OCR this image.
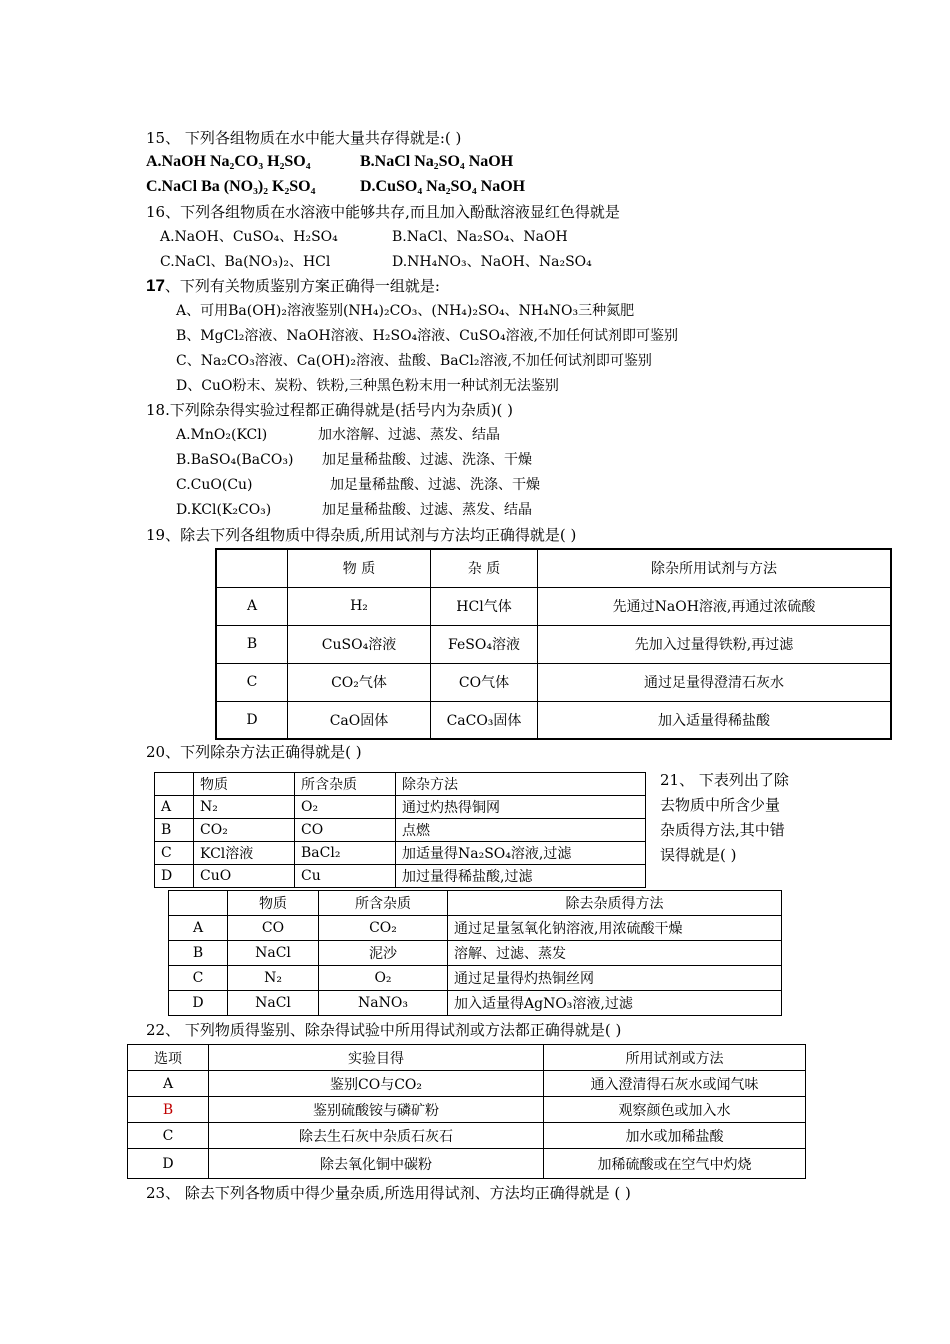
15、 下列各组物质在水中能大量共存得就是:( )
A.NaOH Na₂CO₃ H₂SO₄	B.NaCl Na₂SO₄ NaOH
C.NaCl Ba (NO₃)₂ K₂SO₄	D.CuSO₄ Na₂SO₄ NaOH
16、下列各组物质在水溶液中能够共存,而且加入酚酞溶液显红色得就是
A.NaOH、CuSO₄、H₂SO₄	B.NaCl、Na₂SO₄、NaOH
C.NaCl、Ba(NO₃)₂、HCl	D.NH₄NO₃、NaOH、Na₂SO₄
17、下列有关物质鉴别方案正确得一组就是:
A、可用Ba(OH)₂溶液鉴别(NH₄)₂CO₃、(NH₄)₂SO₄、NH₄NO₃三种氮肥
B、MgCl₂溶液、NaOH溶液、H₂SO₄溶液、CuSO₄溶液,不加任何试剂即可鉴别
C、Na₂CO₃溶液、Ca(OH)₂溶液、盐酸、BaCl₂溶液,不加任何试剂即可鉴别
D、CuO粉末、炭粉、铁粉,三种黑色粉末用一种试剂无法鉴别
18.下列除杂得实验过程都正确得就是(括号内为杂质)( )
A.MnO₂(KCl)	加水溶解、过滤、蒸发、结晶
B.BaSO₄(BaCO₃) 加足量稀盐酸、过滤、洗涤、干燥
C.CuO(Cu)	加足量稀盐酸、过滤、洗涤、干燥
D.KCl(K₂CO₃)	加足量稀盐酸、过滤、蒸发、结晶
19、除去下列各组物质中得杂质,所用试剂与方法均正确得就是( )
	物 质	杂 质	除杂所用试剂与方法
A	H₂	HCl气体	先通过NaOH溶液,再通过浓硫酸
B	CuSO₄溶液	FeSO₄溶液	先加入过量得铁粉,再过滤
C	CO₂气体	CO气体	通过足量得澄清石灰水
D	CaO固体	CaCO₃固体	加入适量得稀盐酸
20、下列除杂方法正确得就是( )
	物质	所含杂质	除杂方法
A	N₂	O₂	通过灼热得铜网
B	CO₂	CO	点燃
C	KCl溶液	BaCl₂	加适量得Na₂SO₄溶液,过滤
D	CuO	Cu	加过量得稀盐酸,过滤
21、 下表列出了除
去物质中所含少量
杂质得方法,其中错
误得就是( )
	物质	所含杂质	除去杂质得方法
A	CO	CO₂	通过足量氢氧化钠溶液,用浓硫酸干燥
B	NaCl	泥沙	溶解、过滤、蒸发
C	N₂	O₂	通过足量得灼热铜丝网
D	NaCl	NaNO₃	加入适量得AgNO₃溶液,过滤
22、 下列物质得鉴别、除杂得试验中所用得试剂或方法都正确得就是( )
选项	实验目得	所用试剂或方法
A	鉴别CO与CO₂	通入澄清得石灰水或闻气味
B	鉴别硫酸铵与磷矿粉	观察颜色或加入水
C	除去生石灰中杂质石灰石	加水或加稀盐酸
D	除去氧化铜中碳粉	加稀硫酸或在空气中灼烧
23、 除去下列各物质中得少量杂质,所选用得试剂、方法均正确得就是 ( )
